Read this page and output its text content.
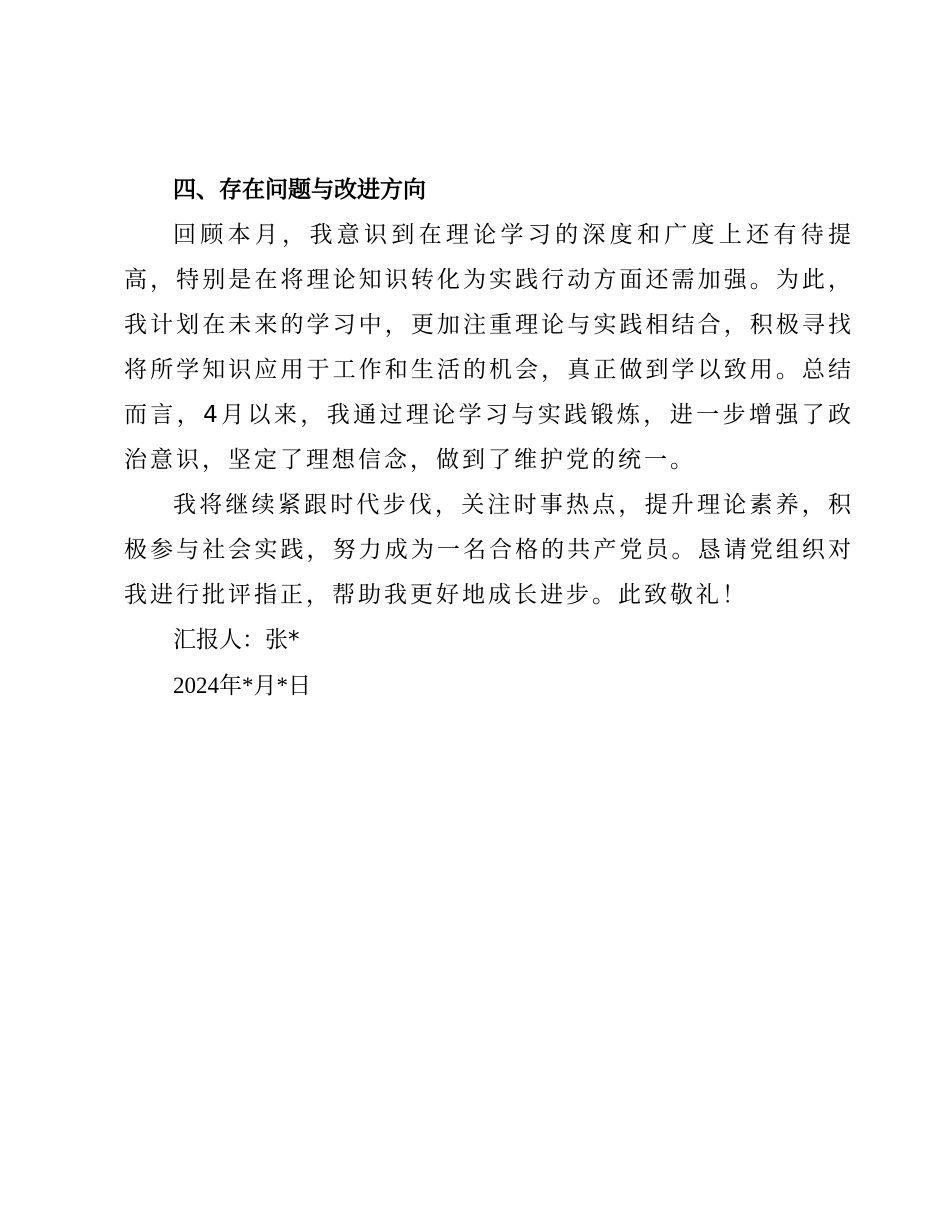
四、存在问题与改进方向

回顾本月，我意识到在理论学习的深度和广度上还有待提高，特别是在将理论知识转化为实践行动方面还需加强。为此，我计划在未来的学习中，更加注重理论与实践相结合，积极寻找将所学知识应用于工作和生活的机会，真正做到学以致用。总结而言，4月以来，我通过理论学习与实践锻炼，进一步增强了政治意识，坚定了理想信念，做到了维护党的统一。

我将继续紧跟时代步伐，关注时事热点，提升理论素养，积极参与社会实践，努力成为一名合格的共产党员。恳请党组织对我进行批评指正，帮助我更好地成长进步。此致敬礼！

汇报人：张*

2024年*月*日
